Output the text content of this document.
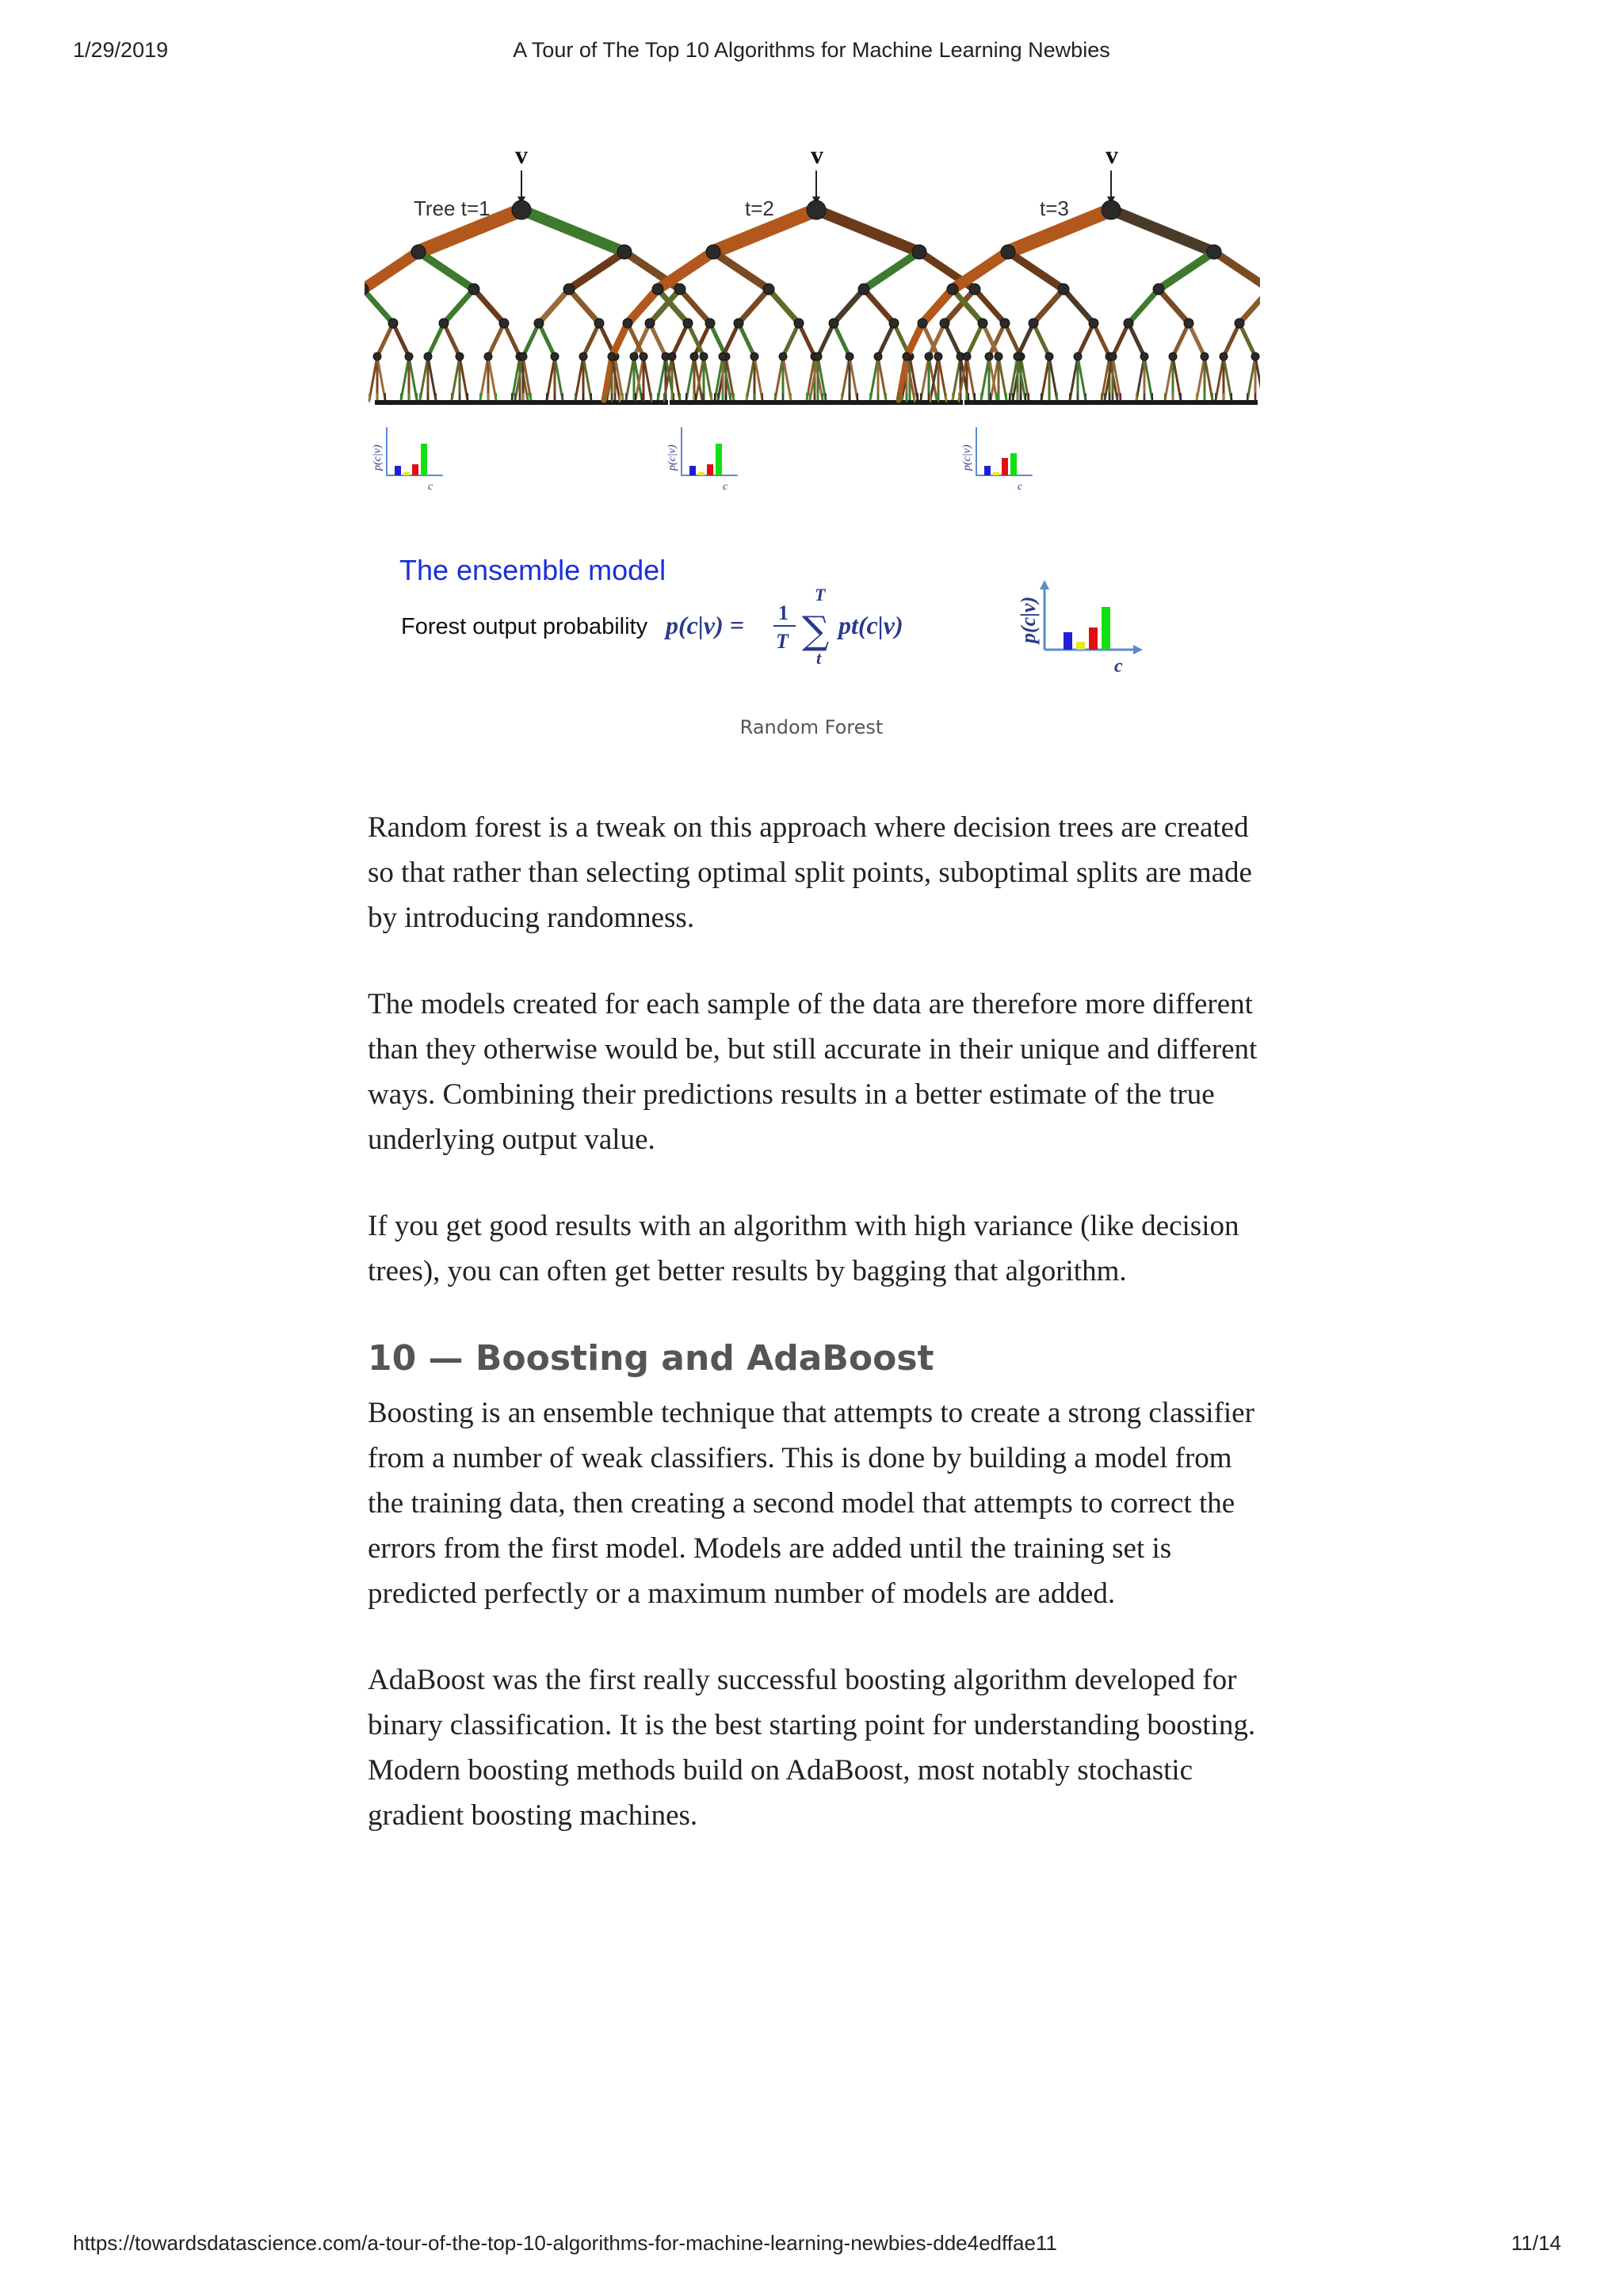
1/29/2019	A Tour of The Top 10 Algorithms for Machine Learning Newbies
p(c|v)
c
p(c|v)
c
p(c|v)
c
Tree t=1	t=2	t=3
v	v	v
The ensemble model
Forest output probability p(c|v) = 1
T
T
∑
t
pt(c|v)	p(c|v)
c
Random Forest

Random forest is a tweak on this approach where decision trees are created so that rather than selecting optimal split points, suboptimal splits are made by introducing randomness.

The models created for each sample of the data are therefore more different than they otherwise would be, but still accurate in their unique and different ways. Combining their predictions results in a better estimate of the true underlying output value.

If you get good results with an algorithm with high variance (like decision trees), you can often get better results by bagging that algorithm.

10 — Boosting and AdaBoost

Boosting is an ensemble technique that attempts to create a strong classifier from a number of weak classifiers. This is done by building a model from the training data, then creating a second model that attempts to correct the errors from the first model. Models are added until the training set is predicted perfectly or a maximum number of models are added.

AdaBoost was the first really successful boosting algorithm developed for binary classification. It is the best starting point for understanding boosting. Modern boosting methods build on AdaBoost, most notably stochastic gradient boosting machines.

https://towardsdatascience.com/a-tour-of-the-top-10-algorithms-for-machine-learning-newbies-dde4edffae11	11/14
